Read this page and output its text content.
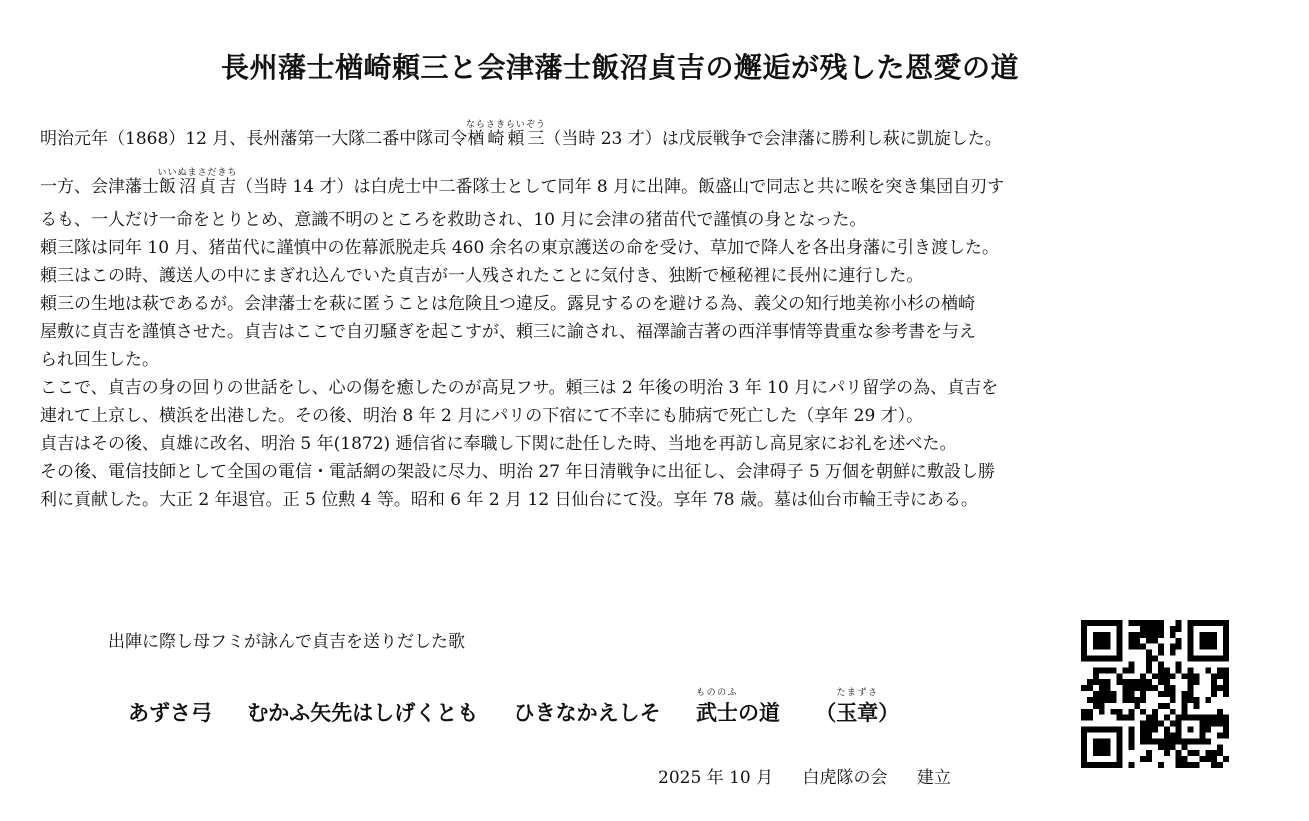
長州藩士楢崎頼三と会津藩士飯沼貞吉の邂逅が残した恩愛の道
明治元年（1868）12 月、長州藩第一大隊二番中隊司令楢崎頼三ならさきらいぞう（当時 23 才）は戊辰戦争で会津藩に勝利し萩に凱旋した。
一方、会津藩士飯沼貞吉いいぬまさだきち（当時 14 才）は白虎士中二番隊士として同年 8 月に出陣。飯盛山で同志と共に喉を突き集団自刃す
るも、一人だけ一命をとりとめ、意識不明のところを救助され、10 月に会津の猪苗代で謹慎の身となった。
頼三隊は同年 10 月、猪苗代に謹慎中の佐幕派脱走兵 460 余名の東京護送の命を受け、草加で降人を各出身藩に引き渡した。
頼三はこの時、護送人の中にまぎれ込んでいた貞吉が一人残されたことに気付き、独断で極秘裡に長州に連行した。
頼三の生地は萩であるが。会津藩士を萩に匿うことは危険且つ違反。露見するのを避ける為、義父の知行地美祢小杉の楢崎
屋敷に貞吉を謹慎させた。貞吉はここで自刃騒ぎを起こすが、頼三に諭され、福澤諭吉著の西洋事情等貴重な参考書を与え
られ回生した。
ここで、貞吉の身の回りの世話をし、心の傷を癒したのが高見フサ。頼三は 2 年後の明治 3 年 10 月にパリ留学の為、貞吉を
連れて上京し、横浜を出港した。その後、明治 8 年 2 月にパリの下宿にて不幸にも肺病で死亡した（享年 29 才）。
貞吉はその後、貞雄に改名、明治 5 年(1872) 逓信省に奉職し下関に赴任した時、当地を再訪し高見家にお礼を述べた。
その後、電信技師として全国の電信・電話網の架設に尽力、明治 27 年日清戦争に出征し、会津碍子 5 万個を朝鮮に敷設し勝
利に貢献した。大正 2 年退官。正 5 位勲 4 等。昭和 6 年 2 月 12 日仙台にて没。享年 78 歳。墓は仙台市輪王寺にある。
出陣に際し母フミが詠んで貞吉を送りだした歌
あずさ弓 むかふ矢先はしげくとも ひきなかえしそ 武士もののふの道 （玉章たまずさ）
2025 年 10 月 白虎隊の会 建立
